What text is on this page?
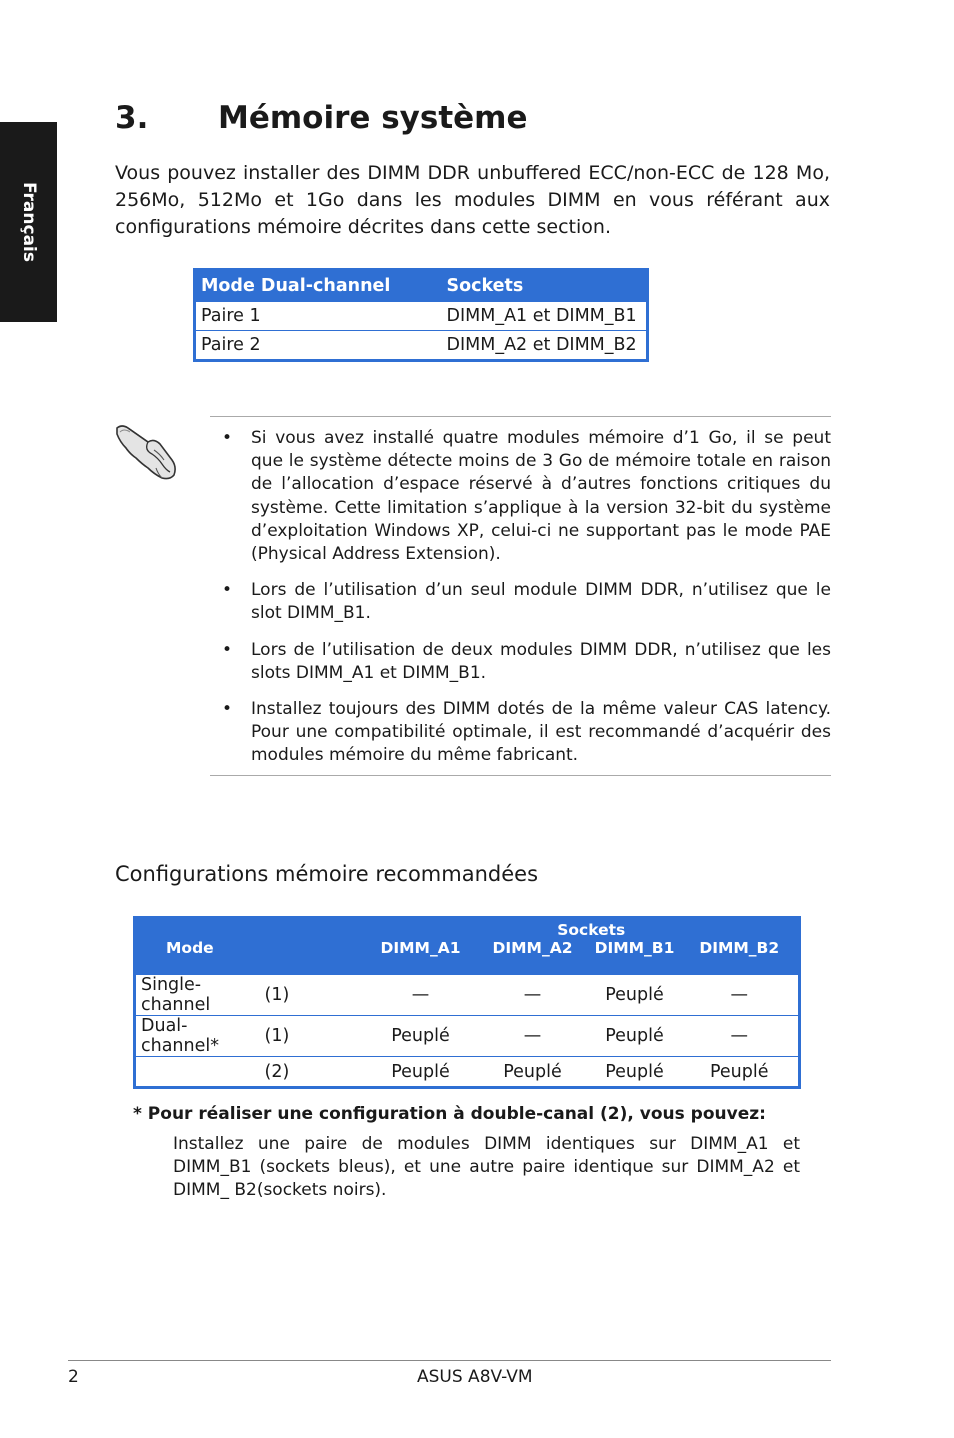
Français
3. Mémoire système

Vous pouvez installer des DIMM DDR unbuffered ECC/non-ECC de 128 Mo, 256Mo, 512Mo et 1Go dans les modules DIMM en vous référant aux configurations mémoire décrites dans cette section.

Mode Dual-channel	Sockets
Paire 1	DIMM_A1 et DIMM_B1
Paire 2	DIMM_A2 et DIMM_B2
• Si vous avez installé quatre modules mémoire d’1 Go, il se peut que le système détecte moins de 3 Go de mémoire totale en raison de l’allocation d’espace réservé à d’autres fonctions critiques du système. Cette limitation s’applique à la version 32-bit du système d’exploitation Windows XP, celui-ci ne supportant pas le mode PAE (Physical Address Extension).
• Lors de l’utilisation d’un seul module DIMM DDR, n’utilisez que le slot DIMM_B1.
• Lors de l’utilisation de deux modules DIMM DDR, n’utilisez que les slots DIMM_A1 et DIMM_B1.
• Installez toujours des DIMM dotés de la même valeur CAS latency. Pour une compatibilité optimale, il est recommandé d’acquérir des modules mémoire du même fabricant.
Configurations mémoire recommandées
		Sockets			
Mode		DIMM_A1	DIMM_A2	DIMM_B1	DIMM_B2
Single-channel	(1)	—	—	Peuplé	—
Dual-channel*	(1)	Peuplé	—	Peuplé	—
	(2)	Peuplé	Peuplé	Peuplé	Peuplé

* Pour réaliser une configuration à double-canal (2), vous pouvez:

Installez une paire de modules DIMM identiques sur DIMM_A1 et DIMM_B1 (sockets bleus), et une autre paire identique sur DIMM_A2 et DIMM_ B2(sockets noirs).

2	ASUS A8V-VM
